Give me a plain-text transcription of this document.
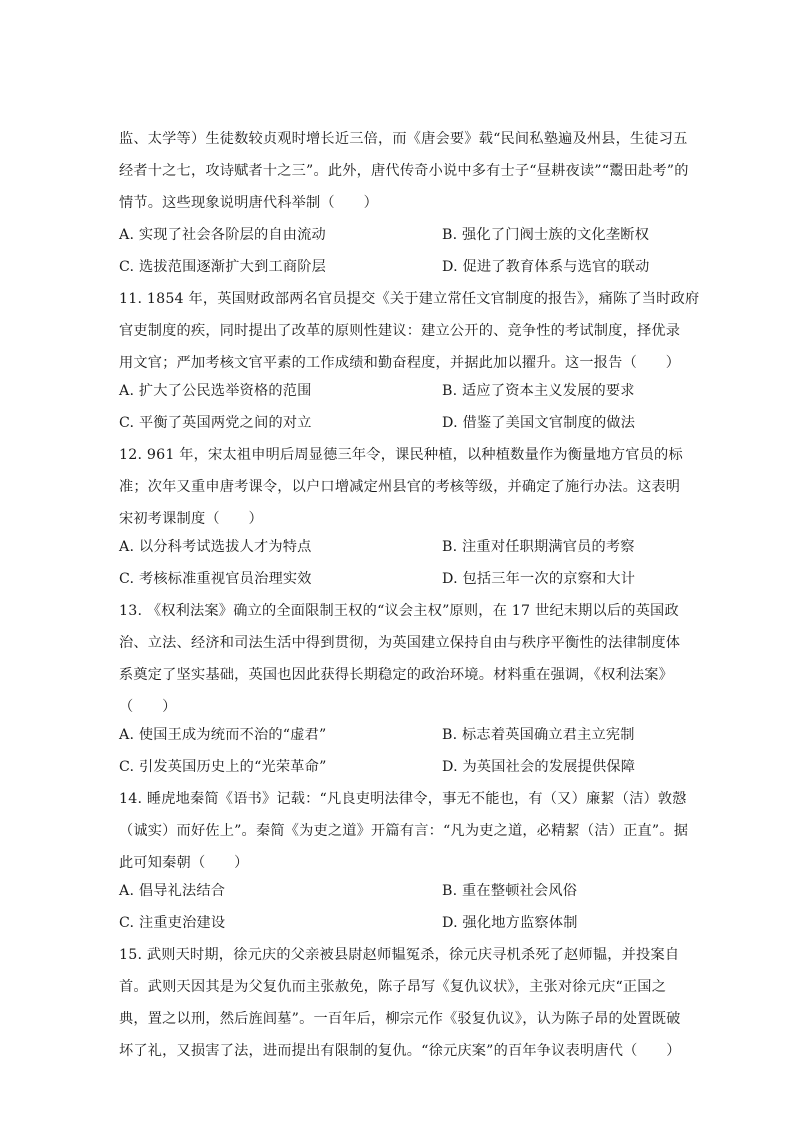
监、太学等）生徒数较贞观时增长近三倍，而《唐会要》载“民间私塾遍及州县，生徒习五
经者十之七，攻诗赋者十之三”。此外，唐代传奇小说中多有士子“昼耕夜读”“鬻田赴考”的
情节。这些现象说明唐代科举制（　　）
A. 实现了社会各阶层的自由流动	B. 强化了门阀士族的文化垄断权
C. 选拔范围逐渐扩大到工商阶层	D. 促进了教育体系与选官的联动
11. 1854 年，英国财政部两名官员提交《关于建立常任文官制度的报告》，痛陈了当时政府
官吏制度的疾，同时提出了改革的原则性建议：建立公开的、竞争性的考试制度，择优录
用文官；严加考核文官平素的工作成绩和勤奋程度，并据此加以擢升。这一报告（　　）
A. 扩大了公民选举资格的范围	B. 适应了资本主义发展的要求
C. 平衡了英国两党之间的对立	D. 借鉴了美国文官制度的做法
12. 961 年，宋太祖申明后周显德三年令，课民种植，以种植数量作为衡量地方官员的标
准；次年又重申唐考课令，以户口增减定州县官的考核等级，并确定了施行办法。这表明
宋初考课制度（　　）
A. 以分科考试选拔人才为特点	B. 注重对任职期满官员的考察
C. 考核标准重视官员治理实效	D. 包括三年一次的京察和大计
13. 《权利法案》确立的全面限制王权的“议会主权”原则，在 17 世纪末期以后的英国政
治、立法、经济和司法生活中得到贯彻，为英国建立保持自由与秩序平衡性的法律制度体
系奠定了坚实基础，英国也因此获得长期稳定的政治环境。材料重在强调，《权利法案》
（　　）
A. 使国王成为统而不治的“虚君”	B. 标志着英国确立君主立宪制
C. 引发英国历史上的“光荣革命”	D. 为英国社会的发展提供保障
14. 睡虎地秦简《语书》记载：“凡良吏明法律令，事无不能也，有（又）廉絜（洁）敦慤
（诚实）而好佐上”。秦简《为吏之道》开篇有言：“凡为吏之道，必精絜（洁）正直”。据
此可知秦朝（　　）
A. 倡导礼法结合	B. 重在整顿社会风俗
C. 注重吏治建设	D. 强化地方监察体制
15. 武则天时期，徐元庆的父亲被县尉赵师韫冤杀，徐元庆寻机杀死了赵师韫，并投案自
首。武则天因其是为父复仇而主张赦免，陈子昂写《复仇议状》，主张对徐元庆“正国之
典，置之以刑，然后旌闾墓”。一百年后，柳宗元作《驳复仇议》，认为陈子昂的处置既破
坏了礼，又损害了法，进而提出有限制的复仇。“徐元庆案”的百年争议表明唐代（　　）
